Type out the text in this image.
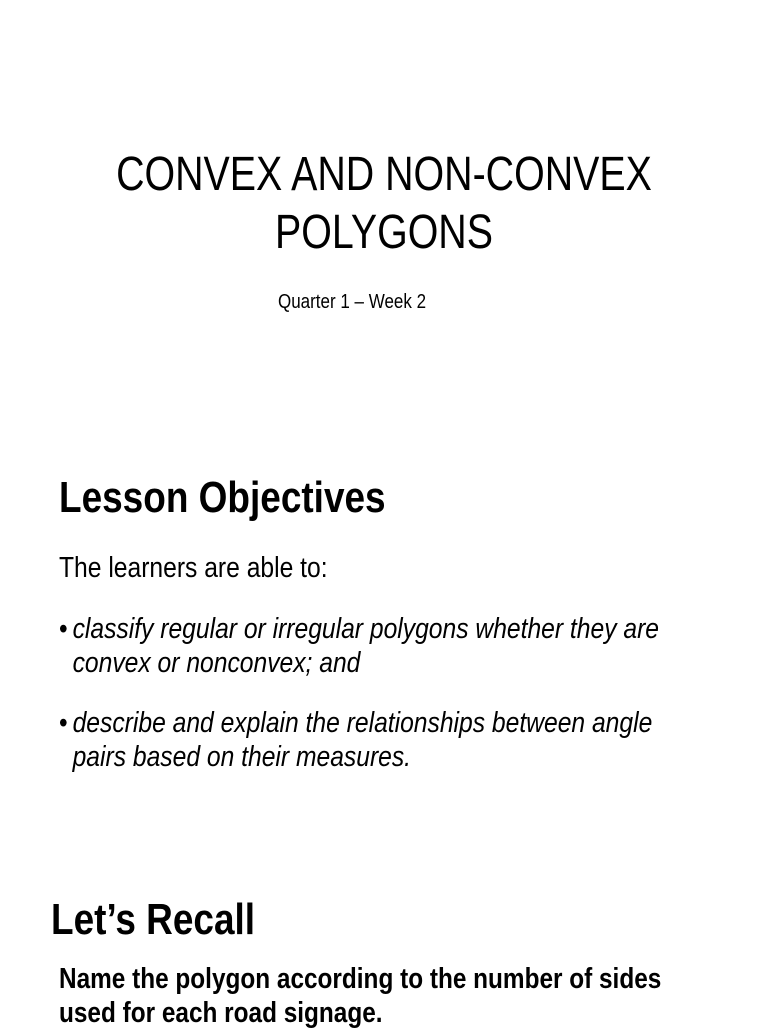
CONVEX AND NON-CONVEX
POLYGONS
Quarter 1 – Week 2
Lesson Objectives
The learners are able to:
• classify regular or irregular polygons whether they are
convex or nonconvex; and
• describe and explain the relationships between angle
pairs based on their measures.
Let’s Recall
Name the polygon according to the number of sides
used for each road signage.
